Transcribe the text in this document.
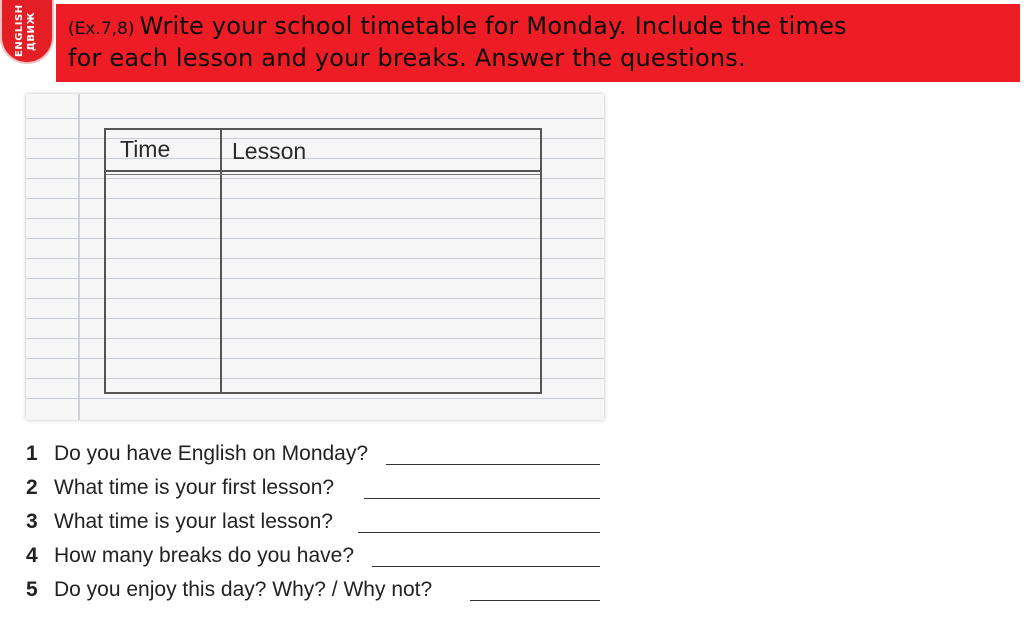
ENGLISH ДВИЖ (Ex.7,8) Write your school timetable for Monday. Include the times
for each lesson and your breaks. Answer the questions.
Time	Lesson
1 Do you have English on Monday?
2 What time is your first lesson?
3 What time is your last lesson?
4 How many breaks do you have?
5 Do you enjoy this day? Why? / Why not?
